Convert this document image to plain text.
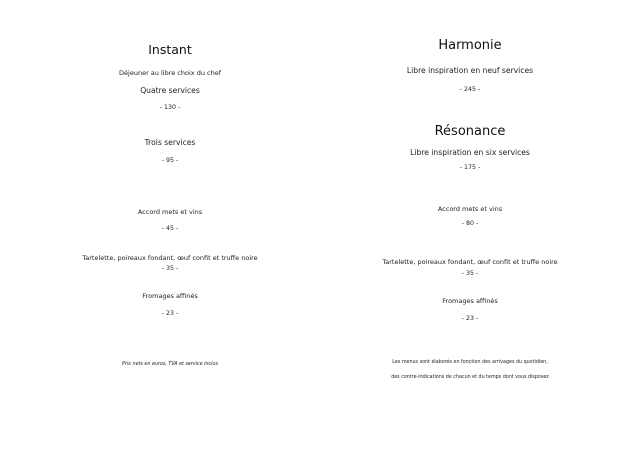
Instant
Déjeuner au libre choix du chef
Quatre services
- 130 -
Trois services
- 95 -
Accord mets et vins
- 45 -
Tartelette, poireaux fondant, œuf confit et truffe noire
- 35 -
Fromages affinés
- 23 -
Prix nets en euros, TVA et service inclus
Harmonie
Libre inspiration en neuf services
- 245 -
Résonance
Libre inspiration en six services
- 175 -
Accord mets et vins
- 80 -
Tartelette, poireaux fondant, œuf confit et truffe noire
- 35 -
Fromages affinés
- 23 -
Les menus sont élaborés en fonction des arrivages du quotidien,
des contre-indications de chacun et du temps dont vous disposez
